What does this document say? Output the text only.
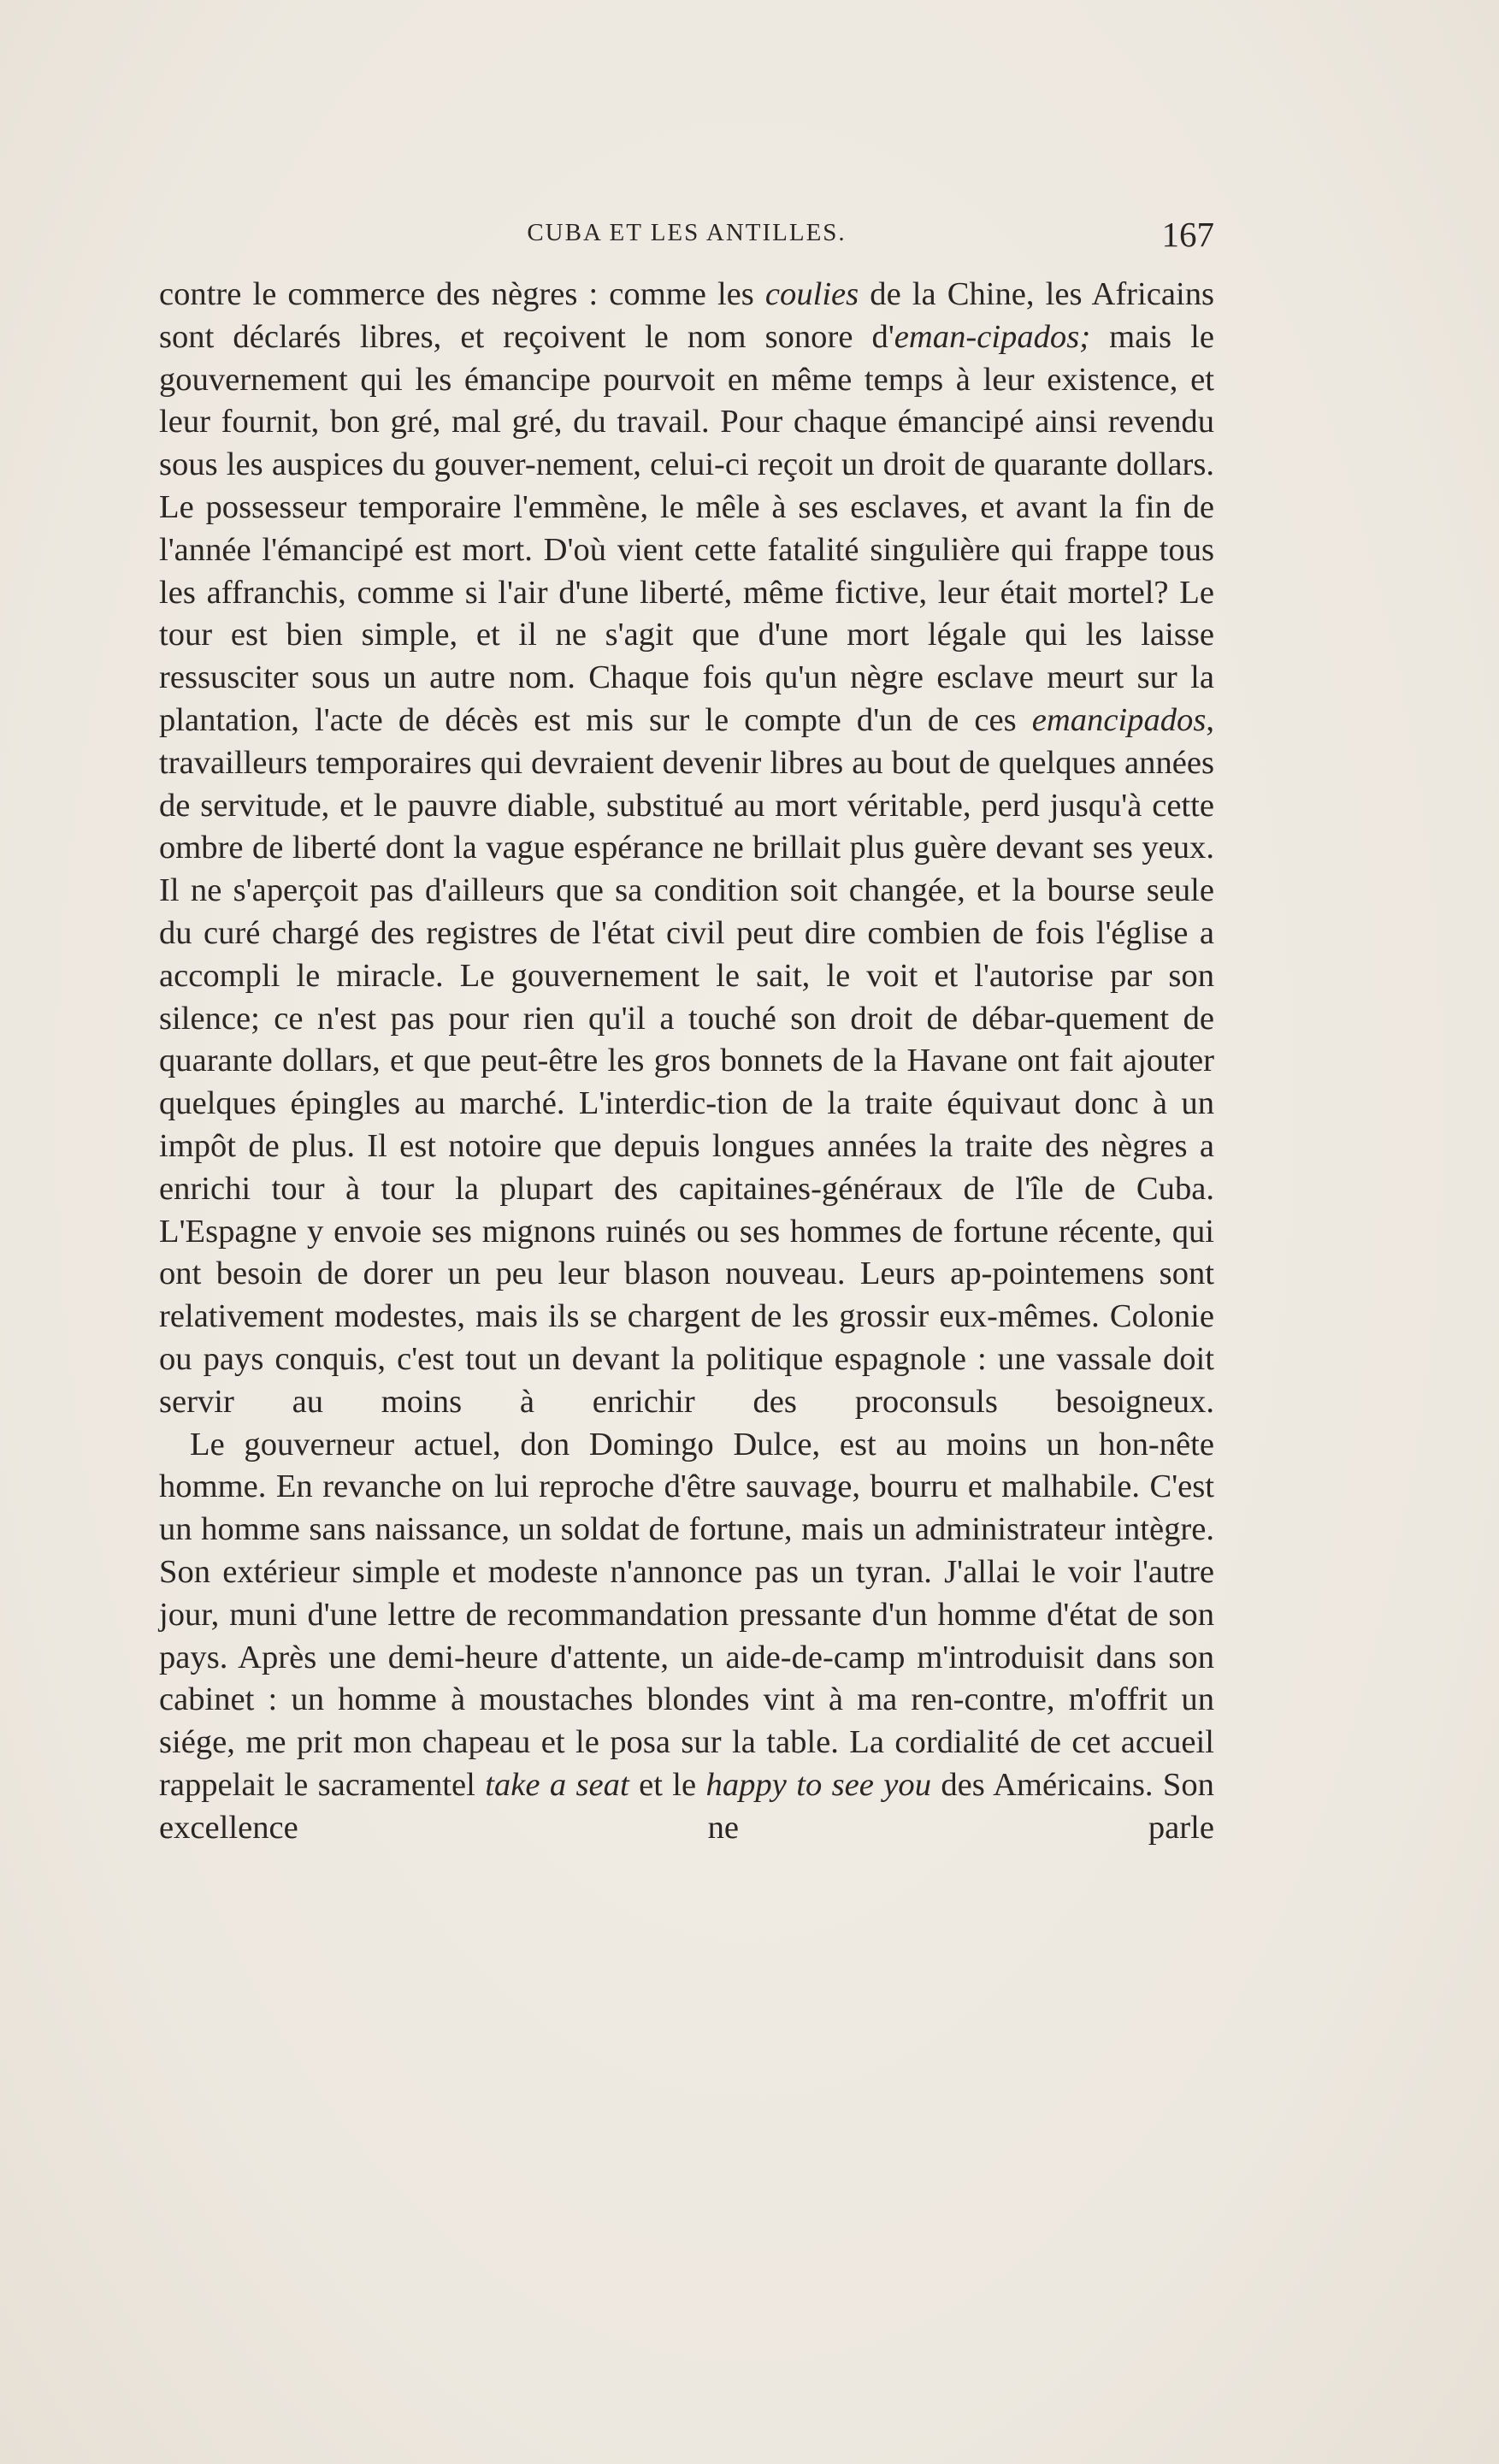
CUBA ET LES ANTILLES.	167

contre le commerce des nègres : comme les coulies de la Chine, les Africains sont déclarés libres, et reçoivent le nom sonore d'eman-cipados; mais le gouvernement qui les émancipe pourvoit en même temps à leur existence, et leur fournit, bon gré, mal gré, du travail. Pour chaque émancipé ainsi revendu sous les auspices du gouver-nement, celui-ci reçoit un droit de quarante dollars. Le possesseur temporaire l'emmène, le mêle à ses esclaves, et avant la fin de l'année l'émancipé est mort. D'où vient cette fatalité singulière qui frappe tous les affranchis, comme si l'air d'une liberté, même fictive, leur était mortel? Le tour est bien simple, et il ne s'agit que d'une mort légale qui les laisse ressusciter sous un autre nom. Chaque fois qu'un nègre esclave meurt sur la plantation, l'acte de décès est mis sur le compte d'un de ces emancipados, travailleurs temporaires qui devraient devenir libres au bout de quelques années de servitude, et le pauvre diable, substitué au mort véritable, perd jusqu'à cette ombre de liberté dont la vague espérance ne brillait plus guère devant ses yeux. Il ne s'aperçoit pas d'ailleurs que sa condition soit changée, et la bourse seule du curé chargé des registres de l'état civil peut dire combien de fois l'église a accompli le miracle. Le gouvernement le sait, le voit et l'autorise par son silence; ce n'est pas pour rien qu'il a touché son droit de débar-quement de quarante dollars, et que peut-être les gros bonnets de la Havane ont fait ajouter quelques épingles au marché. L'interdic-tion de la traite équivaut donc à un impôt de plus. Il est notoire que depuis longues années la traite des nègres a enrichi tour à tour la plupart des capitaines-généraux de l'île de Cuba. L'Espagne y envoie ses mignons ruinés ou ses hommes de fortune récente, qui ont besoin de dorer un peu leur blason nouveau. Leurs ap-pointemens sont relativement modestes, mais ils se chargent de les grossir eux-mêmes. Colonie ou pays conquis, c'est tout un devant la politique espagnole : une vassale doit servir au moins à enrichir des proconsuls besoigneux.

Le gouverneur actuel, don Domingo Dulce, est au moins un hon-nête homme. En revanche on lui reproche d'être sauvage, bourru et malhabile. C'est un homme sans naissance, un soldat de fortune, mais un administrateur intègre. Son extérieur simple et modeste n'annonce pas un tyran. J'allai le voir l'autre jour, muni d'une lettre de recommandation pressante d'un homme d'état de son pays. Après une demi-heure d'attente, un aide-de-camp m'introduisit dans son cabinet : un homme à moustaches blondes vint à ma ren-contre, m'offrit un siége, me prit mon chapeau et le posa sur la table. La cordialité de cet accueil rappelait le sacramentel take a seat et le happy to see you des Américains. Son excellence ne parle
